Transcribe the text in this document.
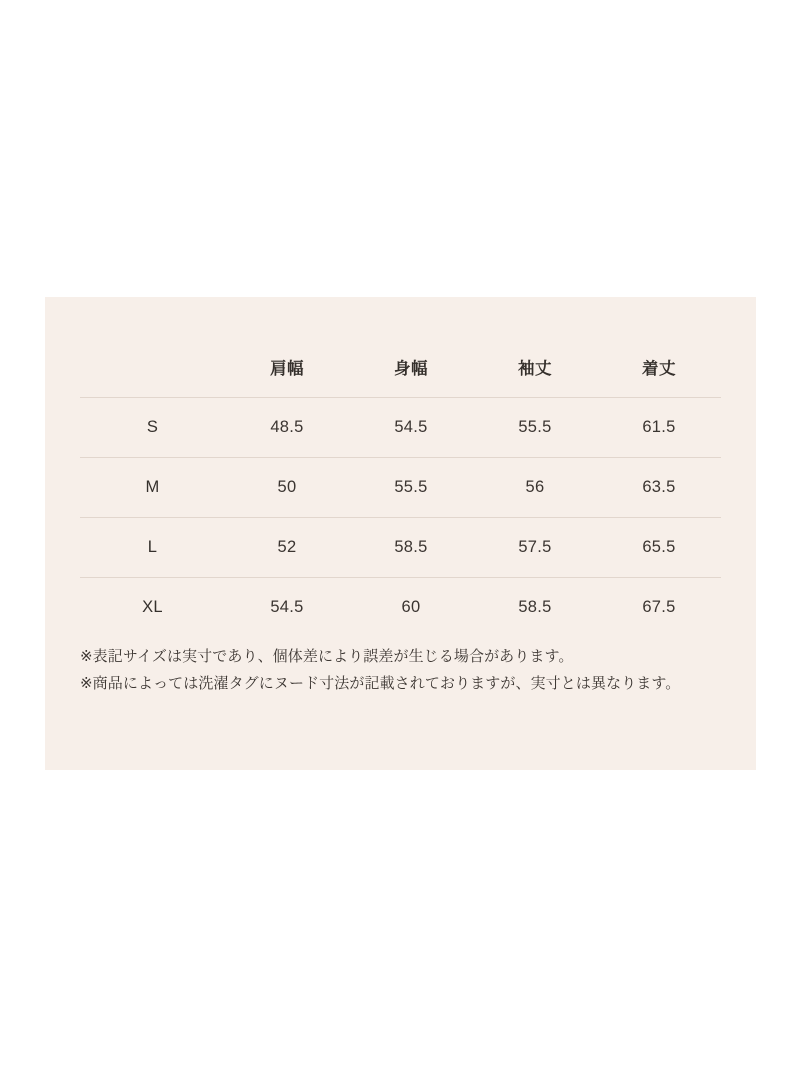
	肩幅	身幅	袖丈	着丈
S	48.5	54.5	55.5	61.5
M	50	55.5	56	63.5
L	52	58.5	57.5	65.5
XL	54.5	60	58.5	67.5

※表記サイズは実寸であり、個体差により誤差が生じる場合があります。

※商品によっては洗濯タグにヌード寸法が記載されておりますが、実寸とは異なります。
